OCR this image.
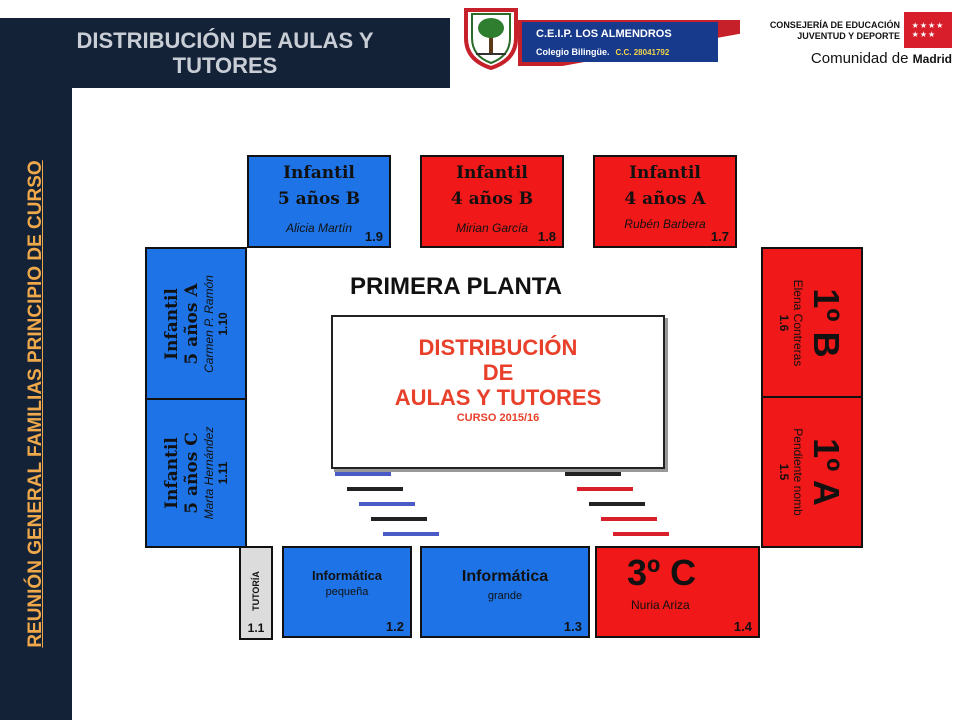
DISTRIBUCIÓN DE AULAS Y
TUTORES
REUNIÓN GENERAL FAMILIAS PRINCIPIO DE CURSO
C.E.I.P. LOS ALMENDROS
Colegio Bilingüe. C.C. 28041792
CONSEJERÍA DE EDUCACIÓN
JUVENTUD Y DEPORTE
★★★★
★★★
Comunidad de Madrid
Infantil
5 años B
Alicia Martín
1.9
Infantil
4 años B
Mirian García
1.8
Infantil
4 años A
Rubén Barbera
1.7
Infantil 5 años A Carmen P. Ramón 1.10
Infantil 5 años C Marta Hernández 1.11
1º B
Elena Contreras
1.6
1º A
Pendiente nomb
1.5
TUTORÍA
1.1
Informática
pequeña
1.2
Informática
grande
1.3
3º C
Nuria Ariza
1.4
PRIMERA PLANTA
DISTRIBUCIÓN
DE
AULAS Y TUTORES
CURSO 2015/16
